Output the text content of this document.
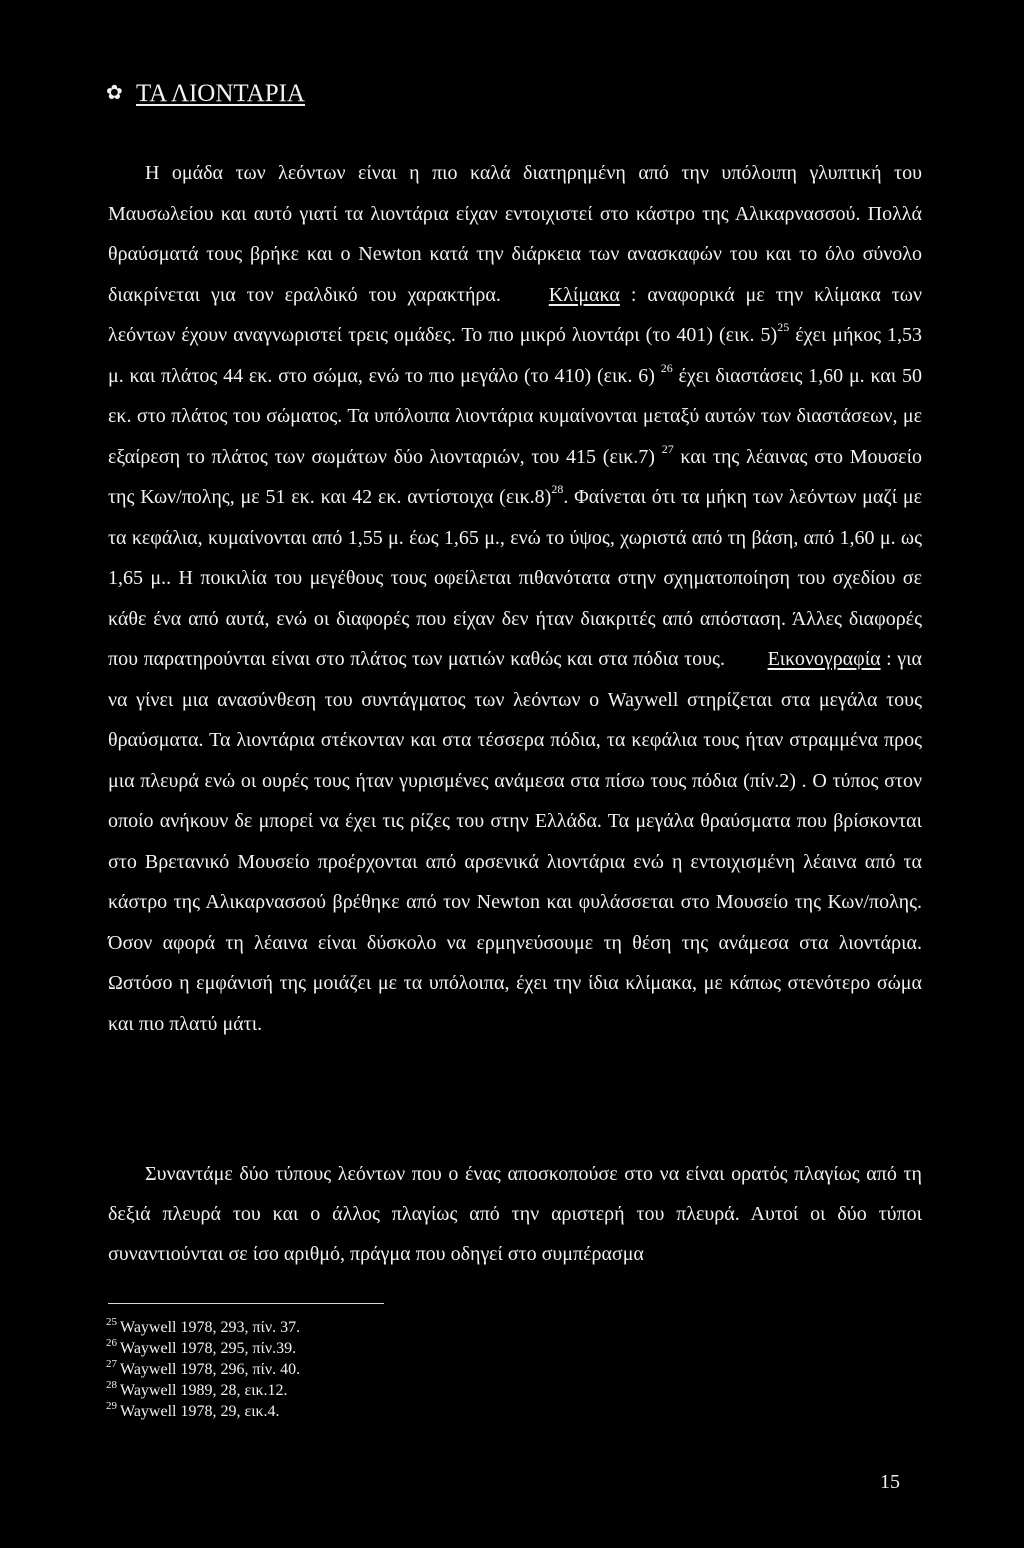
✿ ΤΑ ΛΙΟΝΤΑΡΙΑ
Η ομάδα των λεόντων είναι η πιο καλά διατηρημένη από την υπόλοιπη γλυπτική του Μαυσωλείου και αυτό γιατί τα λιοντάρια είχαν εντοιχιστεί στο κάστρο της Αλικαρνασσού. Πολλά θραύσματά τους βρήκε και ο Newton κατά την διάρκεια των ανασκαφών του και το όλο σύνολο διακρίνεται για τον εραλδικό του χαρακτήρα. Κλίμακα : αναφορικά με την κλίμακα των λεόντων έχουν αναγνωριστεί τρεις ομάδες. Το πιο μικρό λιοντάρι (το 401) (εικ. 5)$^{25}$ έχει μήκος 1,53 μ. και πλάτος 44 εκ. στο σώμα, ενώ το πιο μεγάλο (το 410) (εικ. 6) $^{26}$ έχει διαστάσεις 1,60 μ. και 50 εκ. στο πλάτος του σώματος. Τα υπόλοιπα λιοντάρια κυμαίνονται μεταξύ αυτών των διαστάσεων, με εξαίρεση το πλάτος των σωμάτων δύο λιονταριών, του 415 (εικ.7) $^{27}$ και της λέαινας στο Μουσείο της Κων/πολης, με 51 εκ. και 42 εκ. αντίστοιχα $(\varepsilon\iota\kappa.8)^{28}$. Φαίνεται ότι τα μήκη των λεόντων μαζί με τα κεφάλια, κυμαίνονται από 1,55 μ. έως 1,65 μ., ενώ το ύψος, χωριστά από τη βάση, από 1,60 μ. ως 1,65 μ.. Η ποικιλία του μεγέθους τους οφείλεται πιθανότατα στην σχηματοποίηση του σχεδίου σε κάθε ένα από αυτά, ενώ οι διαφορές που είχαν δεν ήταν διακριτές από απόσταση. Άλλες διαφορές που παρατηρούνται είναι στο πλάτος των ματιών καθώς και στα πόδια τους. Εικονογραφία : για να γίνει μια ανασύνθεση του συντάγματος των λεόντων ο Waywell στηρίζεται στα μεγάλα τους θραύσματα. Τα λιοντάρια στέκονταν και στα τέσσερα πόδια, τα κεφάλια τους ήταν στραμμένα προς μια πλευρά ενώ οι ουρές τους ήταν γυρισμένες ανάμεσα στα πίσω τους πόδια (πίν.2) . Ο τύπος στον οποίο ανήκουν δε μπορεί να έχει τις ρίζες του στην Ελλάδα. Τα μεγάλα θραύσματα που βρίσκονται στο Βρετανικό Μουσείο προέρχονται από αρσενικά λιοντάρια ενώ η εντοιχισμένη λέαινα από τα κάστρο της Αλικαρνασσού βρέθηκε από τον Newton και φυλάσσεται στο Μουσείο της Κων/πολης. Όσον αφορά τη λέαινα είναι δύσκολο να ερμηνεύσουμε τη θέση της ανάμεσα στα λιοντάρια. Ωστόσο η εμφάνισή της μοιάζει με τα υπόλοιπα, έχει την ίδια κλίμακα, με κάπως στενότερο σώμα και πιο πλατύ μάτι.
Συναντάμε δύο τύπους λεόντων που ο ένας αποσκοπούσε στο να είναι ορατός πλαγίως από τη δεξιά πλευρά του και ο άλλος πλαγίως από την αριστερή του πλευρά. Αυτοί οι δύο τύποι συναντιούνται σε ίσο αριθμό, πράγμα που οδηγεί στο συμπέρασμα
$^{25}$ Waywell 1978, 293, πίν. 37.
$^{26}$ Waywell 1978, 295, πίν.39.
$^{27}$ Waywell 1978, 296, πίν. 40.
$^{28}$ Waywell 1989, 28, εικ.12.
$^{29}$ Waywell 1978, 29, εικ.4.
15
